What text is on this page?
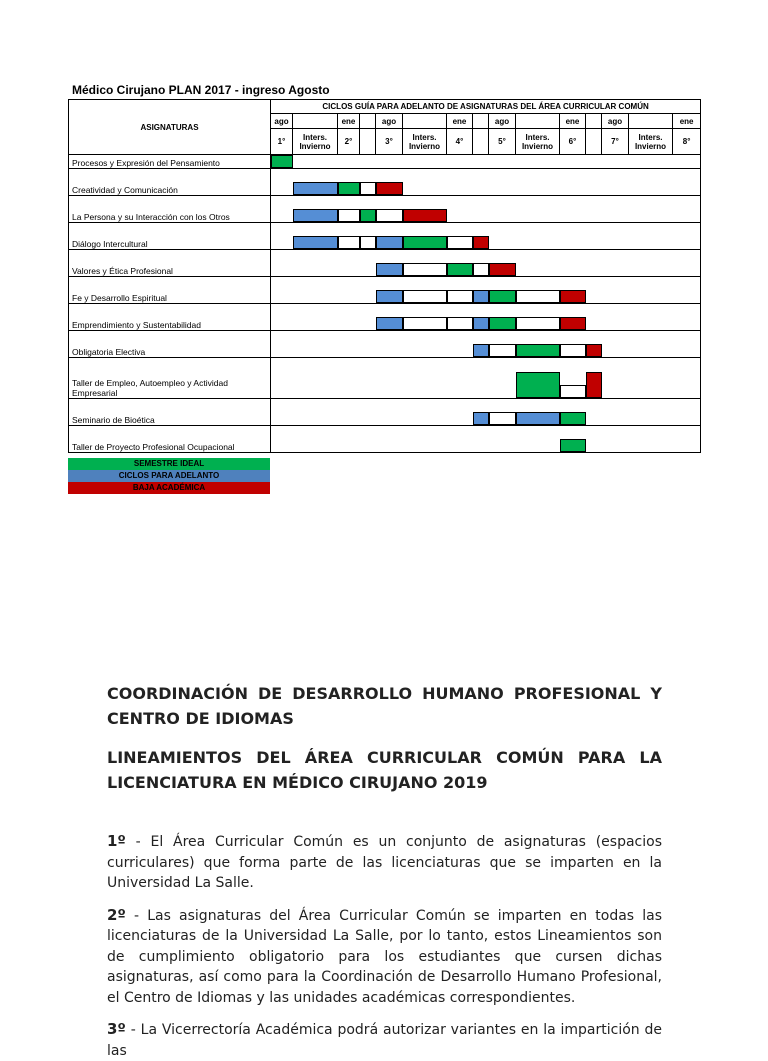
Médico Cirujano PLAN 2017 - ingreso Agosto
ASIGNATURAS	CICLOS GUÍA PARA ADELANTO DE ASIGNATURAS DEL ÁREA CURRICULAR COMÚN														
	ago		ene		ago		ene		ago		ene		ago		ene
	1°	Inters. Invierno	2°		3°	Inters. Invierno	4°		5°	Inters. Invierno	6°		7°	Inters. Invierno	8°
Procesos y Expresión del Pensamiento	

Creatividad y Comunicación		

La Persona y su Interacción con los Otros		

Diálogo Intercultural		

Valores y Ética Profesional					

Fe y Desarrollo Espiritual					

Emprendimiento y Sustentabilidad					

Obligatoria Electiva								

Taller de Empleo, Autoempleo y Actividad Empresarial										

Seminario de Bioética								

Taller de Proyecto Profesional Ocupacional											

SEMESTRE IDEAL
CICLOS PARA ADELANTO
BAJA ACADÉMICA

COORDINACIÓN DE DESARROLLO HUMANO PROFESIONAL Y CENTRO DE IDIOMAS

LINEAMIENTOS DEL ÁREA CURRICULAR COMÚN PARA LA LICENCIATURA EN MÉDICO CIRUJANO 2019

1º - El Área Curricular Común es un conjunto de asignaturas (espacios curriculares) que forma parte de las licenciaturas que se imparten en la Universidad La Salle.

2º - Las asignaturas del Área Curricular Común se imparten en todas las licenciaturas de la Universidad La Salle, por lo tanto, estos Lineamientos son de cumplimiento obligatorio para los estudiantes que cursen dichas asignaturas, así como para la Coordinación de Desarrollo Humano Profesional, el Centro de Idiomas y las unidades académicas correspondientes.

3º - La Vicerrectoría Académica podrá autorizar variantes en la impartición de las
